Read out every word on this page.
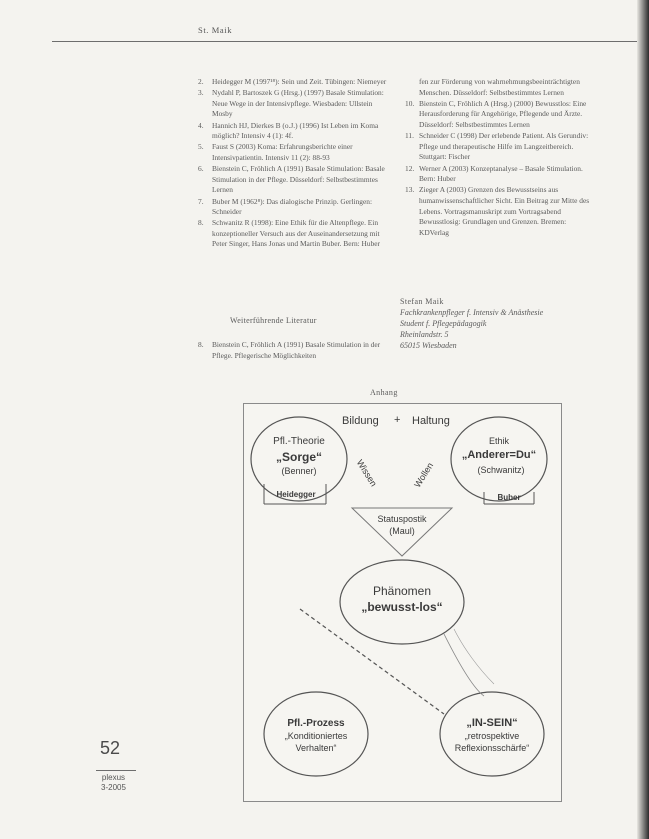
St. Maik
2.	Heidegger M (1997¹⁸): Sein und Zeit. Tübingen: Niemeyer
3.	Nydahl P, Bartoszek G (Hrsg.) (1997) Basale Stimulation: Neue Wege in der Intensivpflege. Wiesbaden: Ullstein Mosby
4.	Hannich HJ, Dierkes B (o.J.) (1996) Ist Leben im Koma möglich? Intensiv 4 (1): 4f.
5.	Faust S (2003) Koma: Erfahrungsberichte einer Intensivpatientin. Intensiv 11 (2): 88-93
6.	Bienstein C, Fröhlich A (1991) Basale Stimulation: Basale Stimulation in der Pflege. Düsseldorf: Selbstbestimmtes Lernen
7.	Buber M (1962⁸): Das dialogische Prinzip. Gerlingen: Schneider
8.	Schwanitz R (1998): Eine Ethik für die Altenpflege. Ein konzeptioneller Versuch aus der Auseinandersetzung mit Peter Singer, Hans Jonas und Martin Buber. Bern: Huber
fen zur Förderung von wahrnehmungsbeeinträchtigten Menschen. Düsseldorf: Selbstbestimmtes Lernen
10. Bienstein C, Fröhlich A (Hrsg.) (2000) Bewusstlos: Eine Herausforderung für Angehörige, Pflegende und Ärzte. Düsseldorf: Selbstbestimmtes Lernen
11. Schneider C (1998) Der erlebende Patient. Als Gerundiv: Pflege und therapeutische Hilfe im Langzeitbereich. Stuttgart: Fischer
12. Werner A (2003) Konzeptanalyse – Basale Stimulation. Bern: Huber
13. Zieger A (2003) Grenzen des Bewusstseins aus humanwissenschaftlicher Sicht. Ein Beitrag zur Mitte des Lebens. Vortragsmanuskript zum Vortragsabend Bewusstlosig: Grundlagen und Grenzen. Bremen: KDVerlag
Weiterführende Literatur
8.	Bienstein C, Fröhlich A (1991) Basale Stimulation in der Pflege. Pflegerische Möglichkeiten
Stefan Maik
Fachkrankenpfleger f. Intensiv & Anästhesie
Student f. Pflegepädagogik
Rheinlandstr. 5
65015 Wiesbaden
Anhang
Bildung + Haltung
Pfl.-Theorie
„Sorge“
(Benner)
Ethik
„Anderer=Du“
(Schwanitz)
Wissen	Wollen
Heidegger	Buber
Statuspostik
(Maul)
Phänomen
„bewusst-los“
Pfl.-Prozess
„Konditioniertes
Verhalten“
„IN-SEIN“
„retrospektive
Reflexionsschärfe“
52
plexus
3-2005
